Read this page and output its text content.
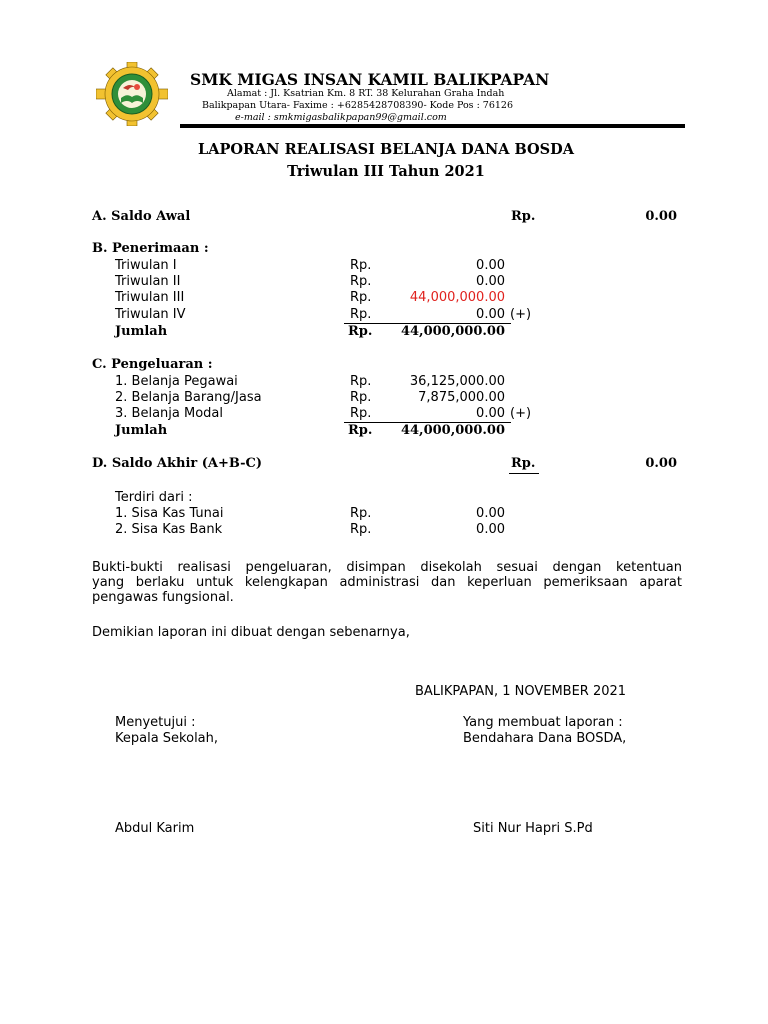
SMK MIGAS INSAN KAMIL BALIKPAPAN
Alamat : Jl. Ksatrian Km. 8 RT. 38 Kelurahan Graha Indah
Balikpapan Utara- Faxime : +6285428708390- Kode Pos : 76126
e-mail : smkmigasbalikpapan99@gmail.com
LAPORAN REALISASI BELANJA DANA BOSDA
Triwulan III Tahun 2021
A. Saldo Awal	Rp.	0.00
B. Penerimaan :
Triwulan I	Rp.	0.00
Triwulan II	Rp.	0.00
Triwulan III	Rp.	44,000,000.00
Triwulan IV	Rp.	0.00 (+)
Jumlah	Rp.	44,000,000.00
C. Pengeluaran :
1. Belanja Pegawai	Rp.	36,125,000.00
2. Belanja Barang/Jasa	Rp.	7,875,000.00
3. Belanja Modal	Rp.	0.00 (+)
Jumlah	Rp.	44,000,000.00
D. Saldo Akhir (A+B-C)	Rp.	0.00
Terdiri dari :
1. Sisa Kas Tunai	Rp.	0.00
2. Sisa Kas Bank	Rp.	0.00
Bukti-bukti realisasi pengeluaran, disimpan disekolah sesuai dengan ketentuan
yang berlaku untuk kelengkapan administrasi dan keperluan pemeriksaan aparat
pengawas fungsional.
Demikian laporan ini dibuat dengan sebenarnya,
BALIKPAPAN, 1 NOVEMBER 2021
Menyetujui :
Kepala Sekolah,
Yang membuat laporan :
Bendahara Dana BOSDA,
Abdul Karim	Siti Nur Hapri S.Pd
